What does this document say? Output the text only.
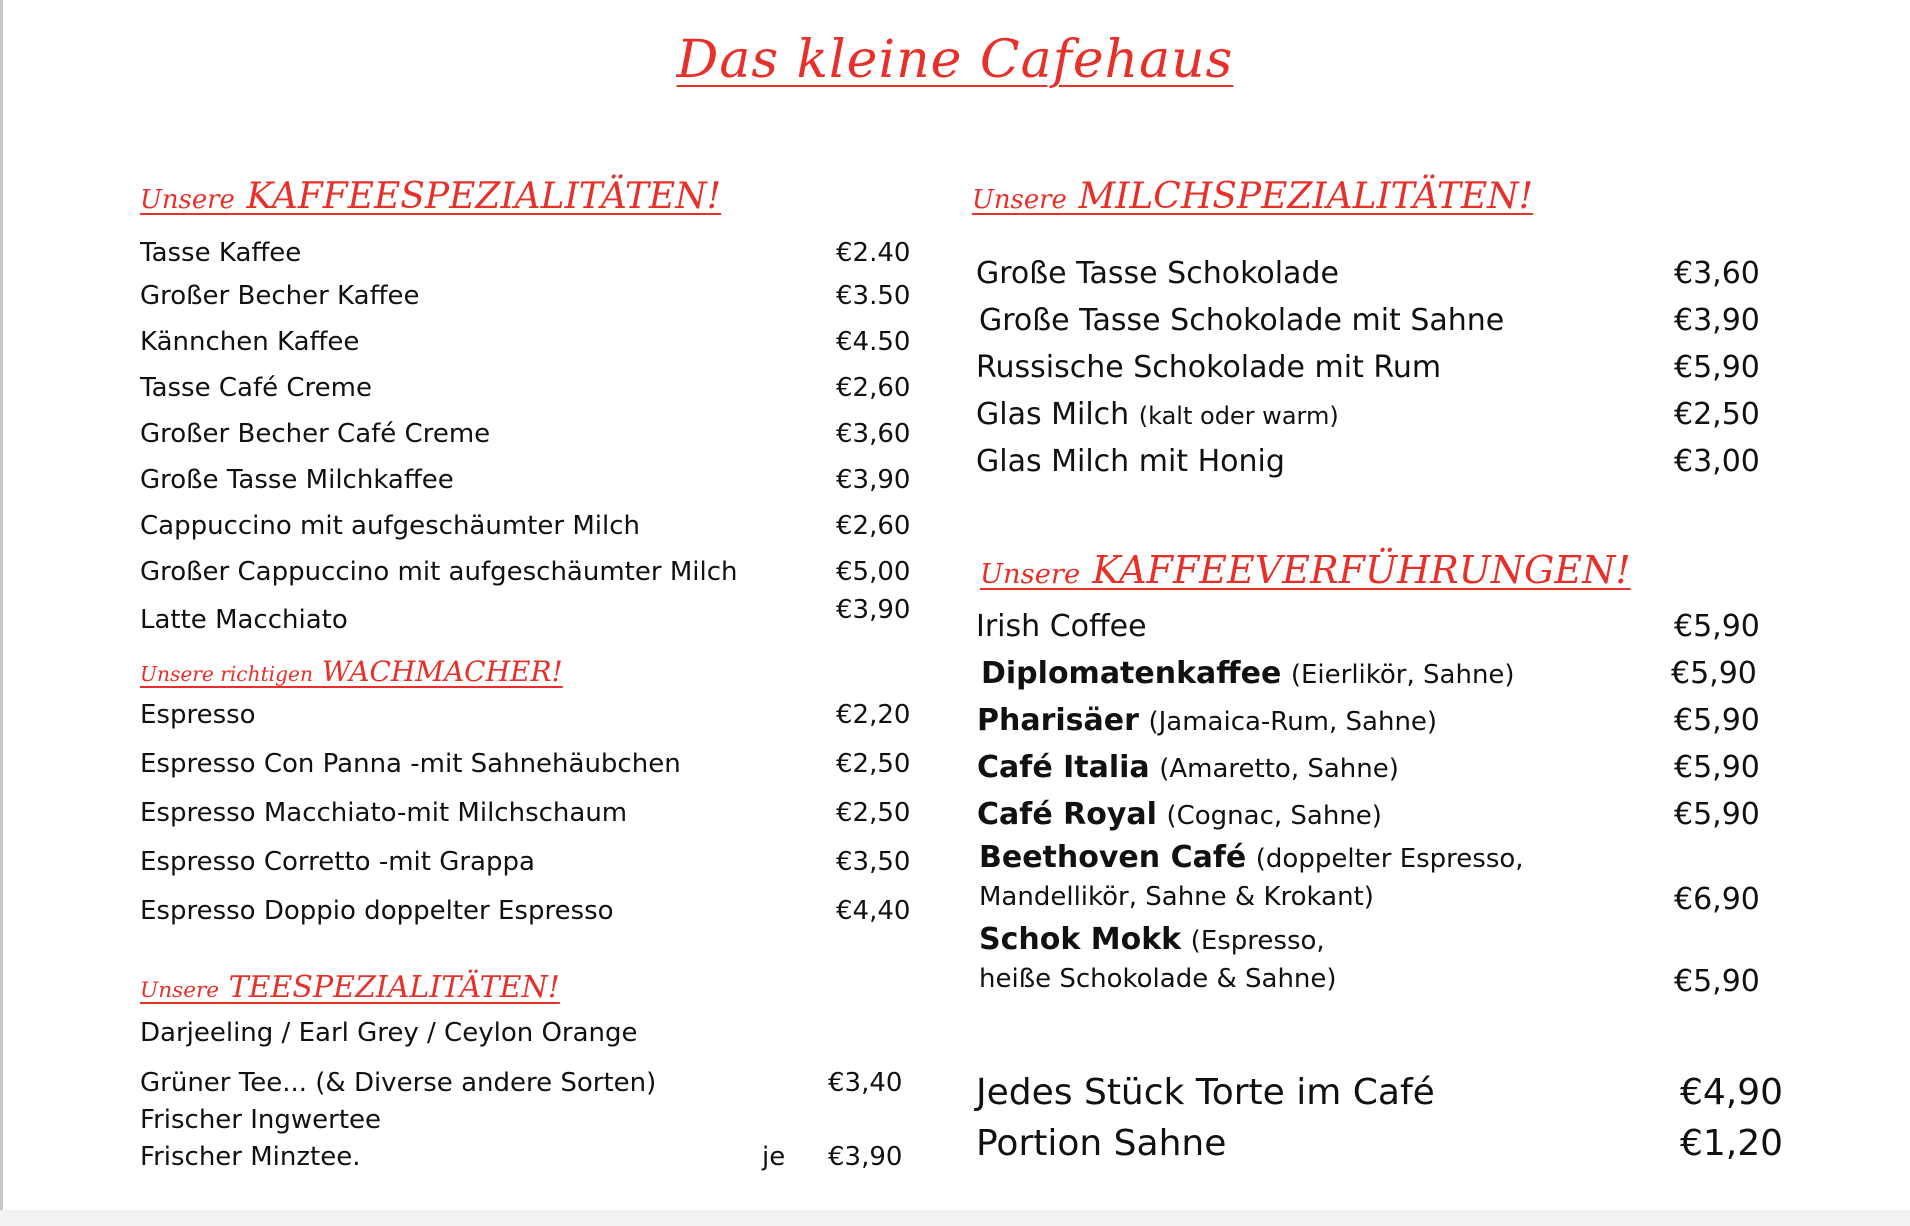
Das kleine Cafehaus
Unsere KAFFEESPEZIALITÄTEN!
Tasse Kaffee	€2.40
Großer Becher Kaffee	€3.50
Kännchen Kaffee	€4.50
Tasse Café Creme	€2,60
Großer Becher Café Creme	€3,60
Große Tasse Milchkaffee	€3,90
Cappuccino mit aufgeschäumter Milch	€2,60
Großer Cappuccino mit aufgeschäumter Milch	€5,00
Latte Macchiato	€3,90
Unsere richtigen WACHMACHER!
Espresso	€2,20
Espresso Con Panna -mit Sahnehäubchen	€2,50
Espresso Macchiato-mit Milchschaum	€2,50
Espresso Corretto -mit Grappa	€3,50
Espresso Doppio doppelter Espresso	€4,40
Unsere TEESPEZIALITÄTEN!
Darjeeling / Earl Grey / Ceylon Orange
Grüner Tee... (& Diverse andere Sorten)	€3,40
Frischer Ingwertee
Frischer Minztee.	je €3,90
Unsere MILCHSPEZIALITÄTEN!
Große Tasse Schokolade	€3,60
Große Tasse Schokolade mit Sahne	€3,90
Russische Schokolade mit Rum	€5,90
Glas Milch (kalt oder warm)	€2,50
Glas Milch mit Honig	€3,00
Unsere KAFFEEVERFÜHRUNGEN!
Irish Coffee	€5,90
Diplomatenkaffee (Eierlikör, Sahne)	€5,90
Pharisäer (Jamaica-Rum, Sahne)	€5,90
Café Italia (Amaretto, Sahne)	€5,90
Café Royal (Cognac, Sahne)	€5,90
Beethoven Café (doppelter Espresso,
Mandellikör, Sahne & Krokant)	€6,90
Schok Mokk (Espresso,
heiße Schokolade & Sahne)	€5,90
Jedes Stück Torte im Café	€4,90
Portion Sahne	€1,20
